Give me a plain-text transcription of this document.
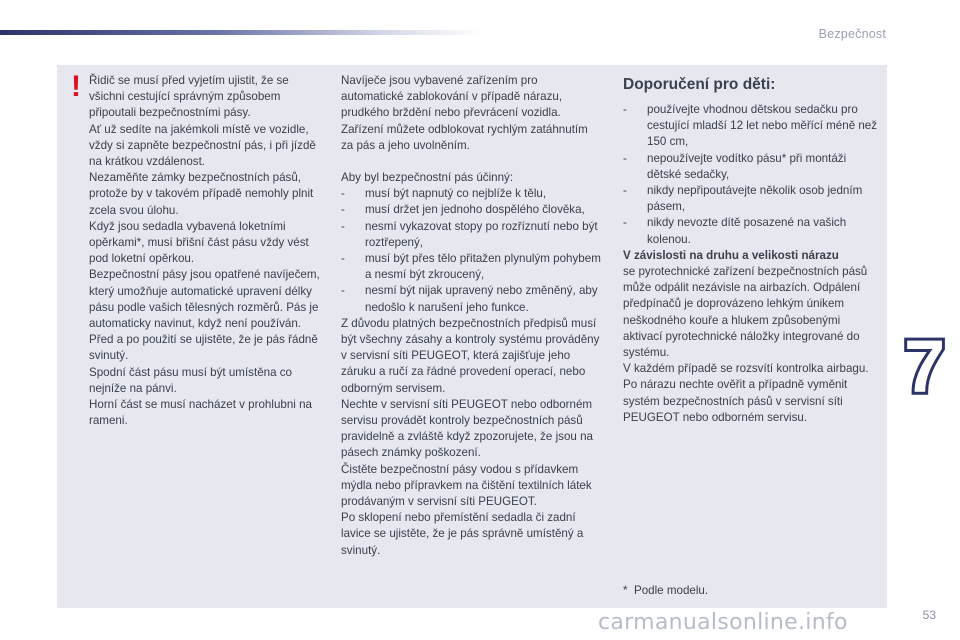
Bezpečnost
! Řidič se musí před vyjetím ujistit, že se všichni cestující správným způsobem připoutali bezpečnostními pásy.

Ať už sedíte na jakémkoli místě ve vozidle, vždy si zapněte bezpečnostní pás, i při jízdě na krátkou vzdálenost.

Nezaměňte zámky bezpečnostních pásů, protože by v takovém případě nemohly plnit zcela svou úlohu.

Když jsou sedadla vybavená loketními opěrkami*, musí břišní část pásu vždy vést pod loketní opěrkou.

Bezpečnostní pásy jsou opatřené navíječem, který umožňuje automatické upravení délky pásu podle vašich tělesných rozměrů. Pás je automaticky navinut, když není používán.

Před a po použití se ujistěte, že je pás řádně svinutý.

Spodní část pásu musí být umístěna co nejníže na pánvi.

Horní část se musí nacházet v prohlubni na rameni.

Navíječe jsou vybavené zařízením pro automatické zablokování v případě nárazu, prudkého brždění nebo převrácení vozidla. Zařízení můžete odblokovat rychlým zatáhnutím za pás a jeho uvolněním.

Aby byl bezpečnostní pás účinný:

-	musí být napnutý co nejblíže k tělu,
-	musí držet jen jednoho dospělého člověka,
-	nesmí vykazovat stopy po rozříznutí nebo být roztřepený,
-	musí být přes tělo přitažen plynulým pohybem a nesmí být zkroucený,
-	nesmí být nijak upravený nebo změněný, aby nedošlo k narušení jeho funkce.

Z důvodu platných bezpečnostních předpisů musí být všechny zásahy a kontroly systému prováděny v servisní síti PEUGEOT, která zajišťuje jeho záruku a ručí za řádné provedení operací, nebo odborným servisem.

Nechte v servisní síti PEUGEOT nebo odborném servisu provádět kontroly bezpečnostních pásů pravidelně a zvláště když zpozorujete, že jsou na pásech známky poškození.

Čistěte bezpečnostní pásy vodou s přídavkem mýdla nebo přípravkem na čištění textilních látek prodávaným v servisní síti PEUGEOT.

Po sklopení nebo přemístění sedadla či zadní lavice se ujistěte, že je pás správně umístěný a svinutý.

Doporučení pro děti:

-	používejte vhodnou dětskou sedačku pro cestující mladší 12 let nebo měřící méně než 150 cm,
-	nepoužívejte vodítko pásu* při montáži dětské sedačky,
-	nikdy nepřipoutávejte několik osob jedním pásem,
-	nikdy nevozte dítě posazené na vašich kolenou.

V závislosti na druhu a velikosti nárazu

se pyrotechnické zařízení bezpečnostních pásů může odpálit nezávisle na airbazích. Odpálení předpínačů je doprovázeno lehkým únikem neškodného kouře a hlukem způsobenými aktivací pyrotechnické náložky integrované do systému.

V každém případě se rozsvítí kontrolka airbagu.

Po nárazu nechte ověřit a případně vyměnit systém bezpečnostních pásů v servisní síti PEUGEOT nebo odborném servisu.

* Podle modelu.
7
carmanualsonline.info	53
